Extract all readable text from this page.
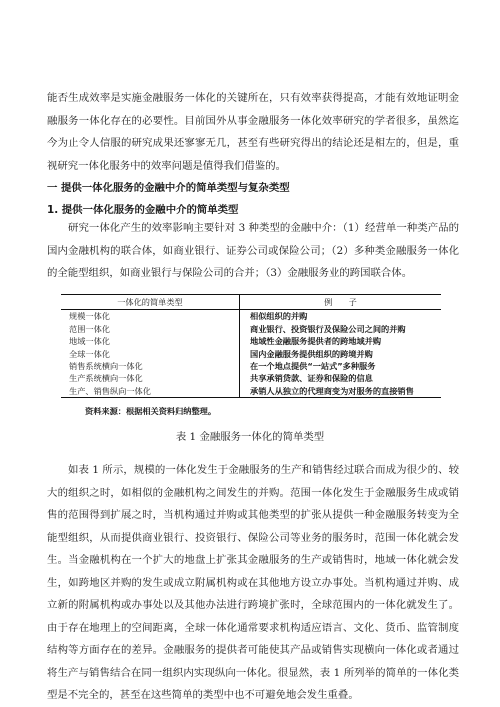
能否生成效率是实施金融服务一体化的关键所在，只有效率获得提高，才能有效地证明金融服务一体化存在的必要性。目前国外从事金融服务一体化效率研究的学者很多，虽然迄今为止令人信服的研究成果还寥寥无几，甚至有些研究得出的结论还是相左的，但是，重视研究一体化服务中的效率问题是值得我们借鉴的。

一 提供一体化服务的金融中介的简单类型与复杂类型
1. 提供一体化服务的金融中介的简单类型

研究一体化产生的效率影响主要针对 3 种类型的金融中介：（1）经营单一种类产品的国内金融机构的联合体，如商业银行、证券公司或保险公司；（2）多种类金融服务一体化的全能型组织，如商业银行与保险公司的合并；（3）金融服务业的跨国联合体。

一体化的简单类型	例　　子
规模一体化	相似组织的并购
范围一体化	商业银行、投资银行及保险公司之间的并购
地域一体化	地域性金融服务提供者的跨地域并购
全球一体化	国内金融服务提供组织的跨境并购
销售系统横向一体化	在一个地点提供“一站式”多种服务
生产系统横向一体化	共享承销贷款、证券和保险的信息
生产、销售纵向一体化	承销人从独立的代理商变为对服务的直接销售
资料来源：根据相关资料归纳整理。
表 1 金融服务一体化的简单类型

如表 1 所示，规模的一体化发生于金融服务的生产和销售经过联合而成为很少的、较大的组织之时，如相似的金融机构之间发生的并购。范围一体化发生于金融服务生成或销售的范围得到扩展之时，当机构通过并购或其他类型的扩张从提供一种金融服务转变为全能型组织，从而提供商业银行、投资银行、保险公司等业务的服务时，范围一体化就会发生。当金融机构在一个扩大的地盘上扩张其金融服务的生产或销售时，地域一体化就会发生，如跨地区并购的发生或成立附属机构或在其他地方设立办事处。当机构通过并购、成立新的附属机构或办事处以及其他办法进行跨境扩张时，全球范围内的一体化就发生了。由于存在地理上的空间距离，全球一体化通常要求机构适应语言、文化、货币、监管制度结构等方面存在的差异。金融服务的提供者可能使其产品或销售实现横向一体化或者通过将生产与销售结合在同一组织内实现纵向一体化。很显然，表 1 所列举的简单的一体化类型是不完全的，甚至在这些简单的类型中也不可避免地会发生重叠。
